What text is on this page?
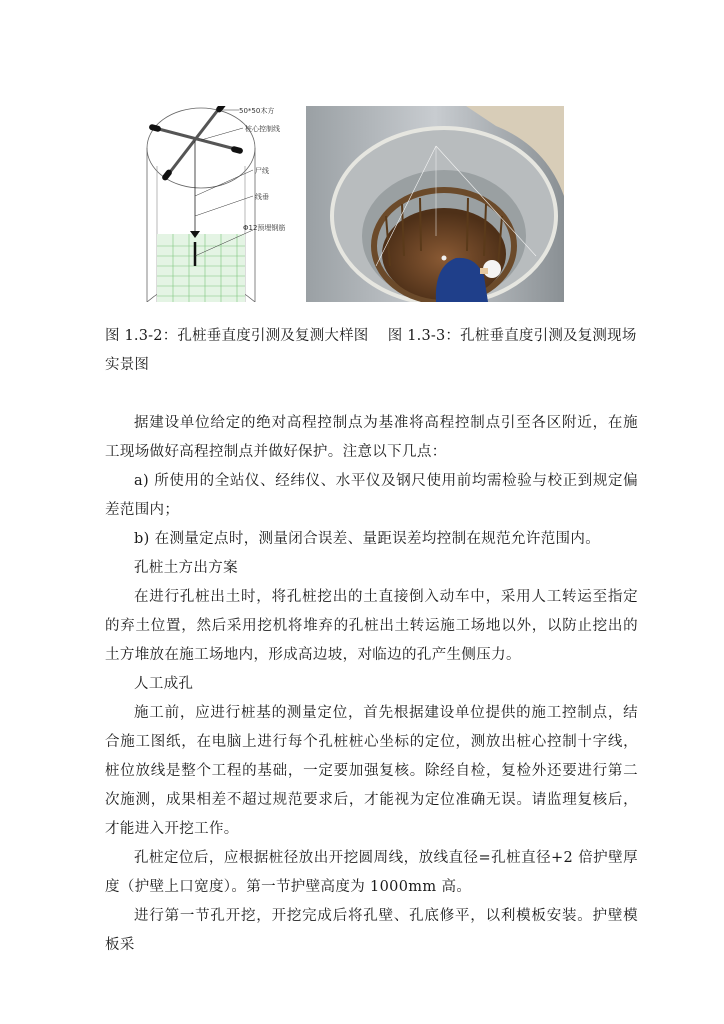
50*50木方
桩心控制线
尸线
线垂
Φ12预埋钢筋
图 1.3-2：孔桩垂直度引测及复测大样图    图 1.3-3：孔桩垂直度引测及复测现场
实景图

据建设单位给定的绝对高程控制点为基准将高程控制点引至各区附近，在施工现场做好高程控制点并做好保护。注意以下几点：

a) 所使用的全站仪、经纬仪、水平仪及钢尺使用前均需检验与校正到规定偏差范围内；

b) 在测量定点时，测量闭合误差、量距误差均控制在规范允许范围内。

孔桩土方出方案

在进行孔桩出土时，将孔桩挖出的土直接倒入动车中，采用人工转运至指定的弃土位置，然后采用挖机将堆弃的孔桩出土转运施工场地以外，以防止挖出的土方堆放在施工场地内，形成高边坡，对临边的孔产生侧压力。

人工成孔

施工前，应进行桩基的测量定位，首先根据建设单位提供的施工控制点，结合施工图纸，在电脑上进行每个孔桩桩心坐标的定位，测放出桩心控制十字线，桩位放线是整个工程的基础，一定要加强复核。除经自检，复检外还要进行第二次施测，成果相差不超过规范要求后，才能视为定位准确无误。请监理复核后，才能进入开挖工作。

孔桩定位后，应根据桩径放出开挖圆周线，放线直径=孔桩直径+2 倍护壁厚度（护壁上口宽度）。第一节护壁高度为 1000mm 高。

进行第一节孔开挖，开挖完成后将孔壁、孔底修平，以利模板安装。护壁模板采
